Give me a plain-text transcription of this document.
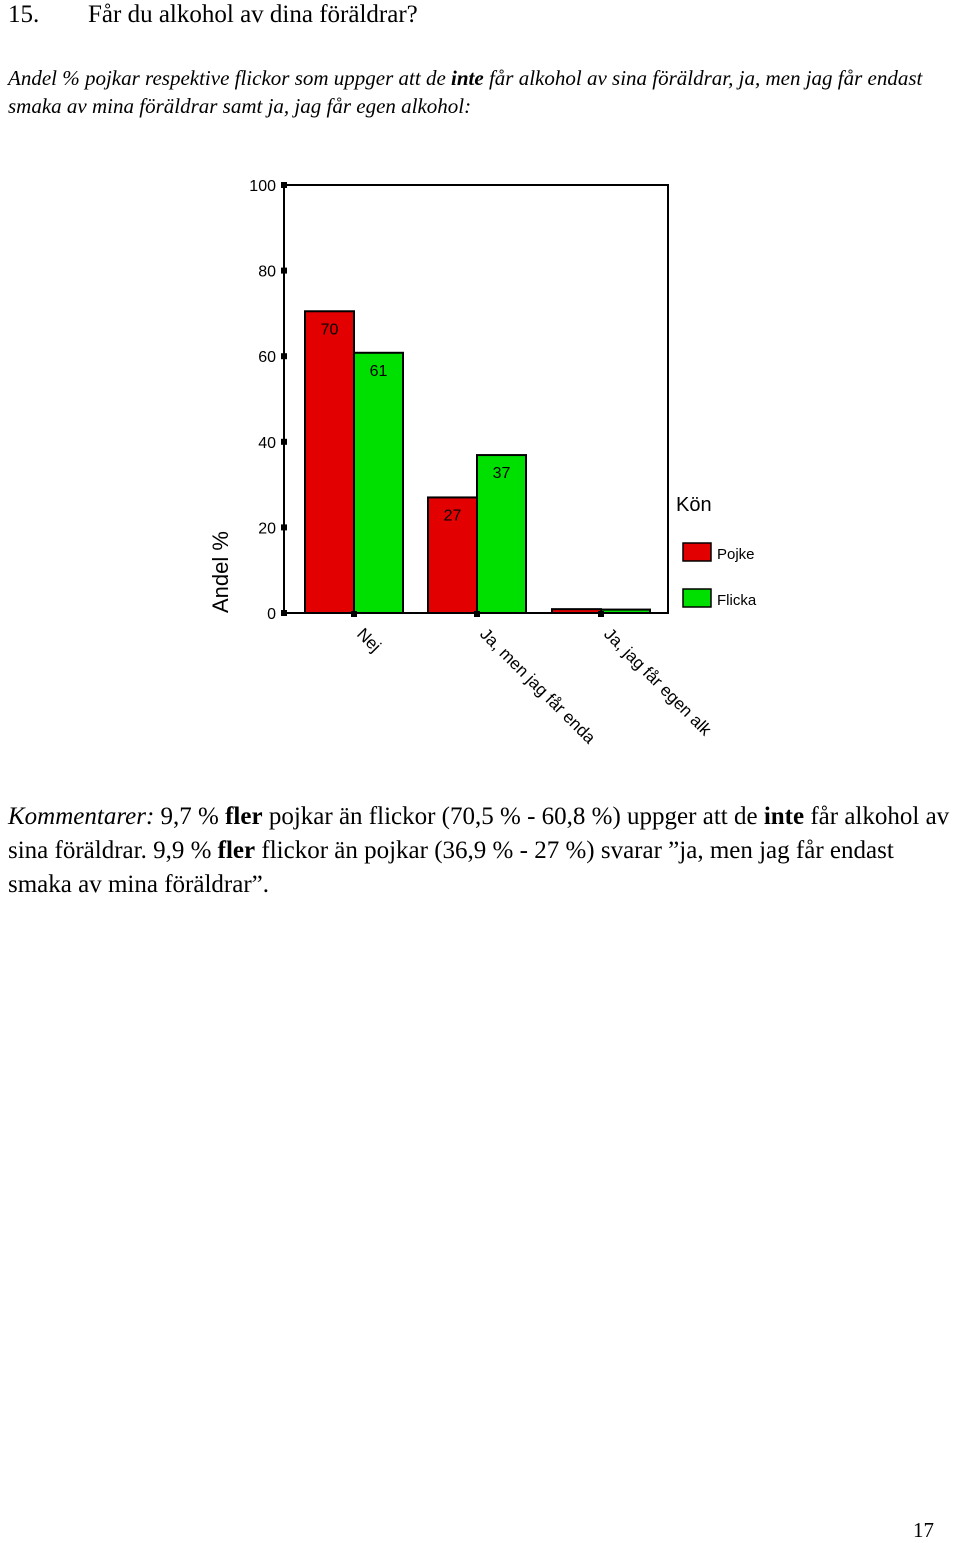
15. Får du alkohol av dina föräldrar?
Andel % pojkar respektive flickor som uppger att de inte får alkohol av sina föräldrar, ja, men jag får endast smaka av mina föräldrar samt ja, jag får egen alkohol:
Andel %
Kön
70
61
27
37
0
20
40
60
80
100
Nej	Ja, men jag får enda Ja, jag får egen alk
Pojke
Flicka
Kommentarer: 9,7 % fler pojkar än flickor (70,5 % - 60,8 %) uppger att de inte får alkohol av sina föräldrar. 9,9 % fler flickor än pojkar (36,9 % - 27 %) svarar ”ja, men jag får endast smaka av mina föräldrar”.
17
